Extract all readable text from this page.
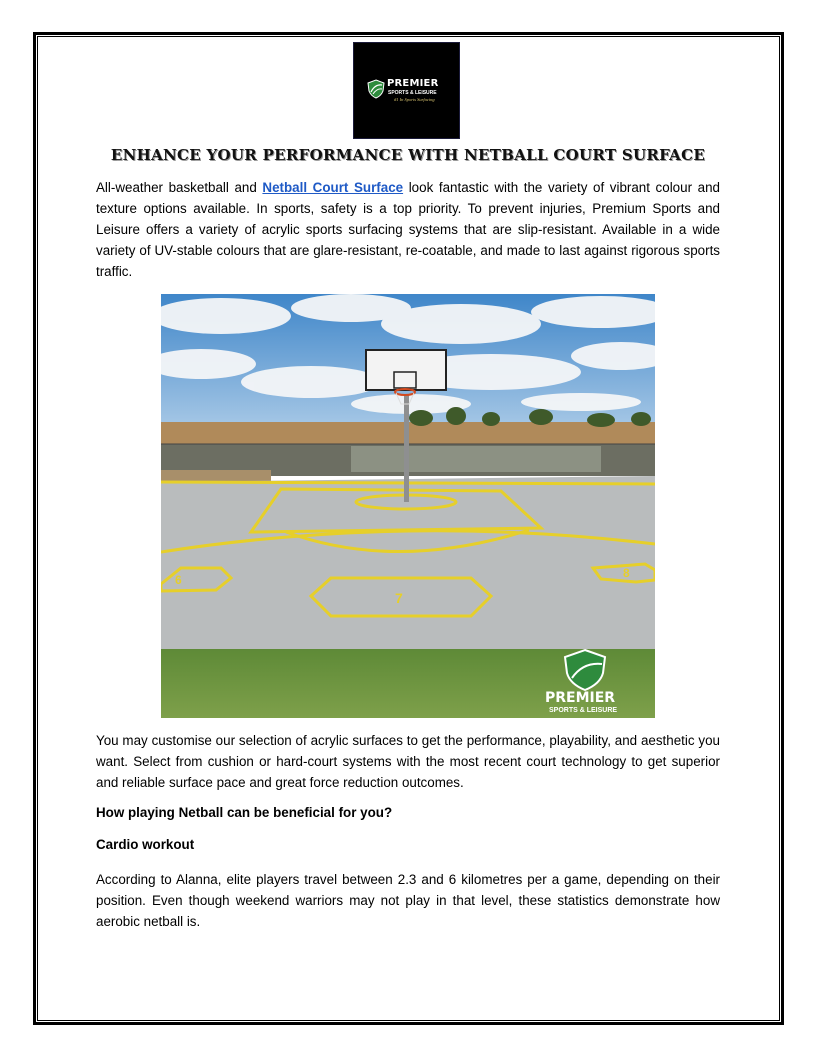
PREMIER
SPORTS & LEISURE
#1 In Sports Surfacing
ENHANCE YOUR PERFORMANCE WITH NETBALL COURT SURFACE

All-weather basketball and Netball Court Surface look fantastic with the variety of vibrant colour and texture options available. In sports, safety is a top priority. To prevent injuries, Premium Sports and Leisure offers a variety of acrylic sports surfacing systems that are slip-resistant. Available in a wide variety of UV-stable colours that are glare-resistant, re-coatable, and made to last against rigorous sports traffic.

6
7
8
PREMIER
SPORTS & LEISURE

You may customise our selection of acrylic surfaces to get the performance, playability, and aesthetic you want. Select from cushion or hard-court systems with the most recent court technology to get superior and reliable surface pace and great force reduction outcomes.

How playing Netball can be beneficial for you?
Cardio workout

According to Alanna, elite players travel between 2.3 and 6 kilometres per a game, depending on their position. Even though weekend warriors may not play in that level, these statistics demonstrate how aerobic netball is.
